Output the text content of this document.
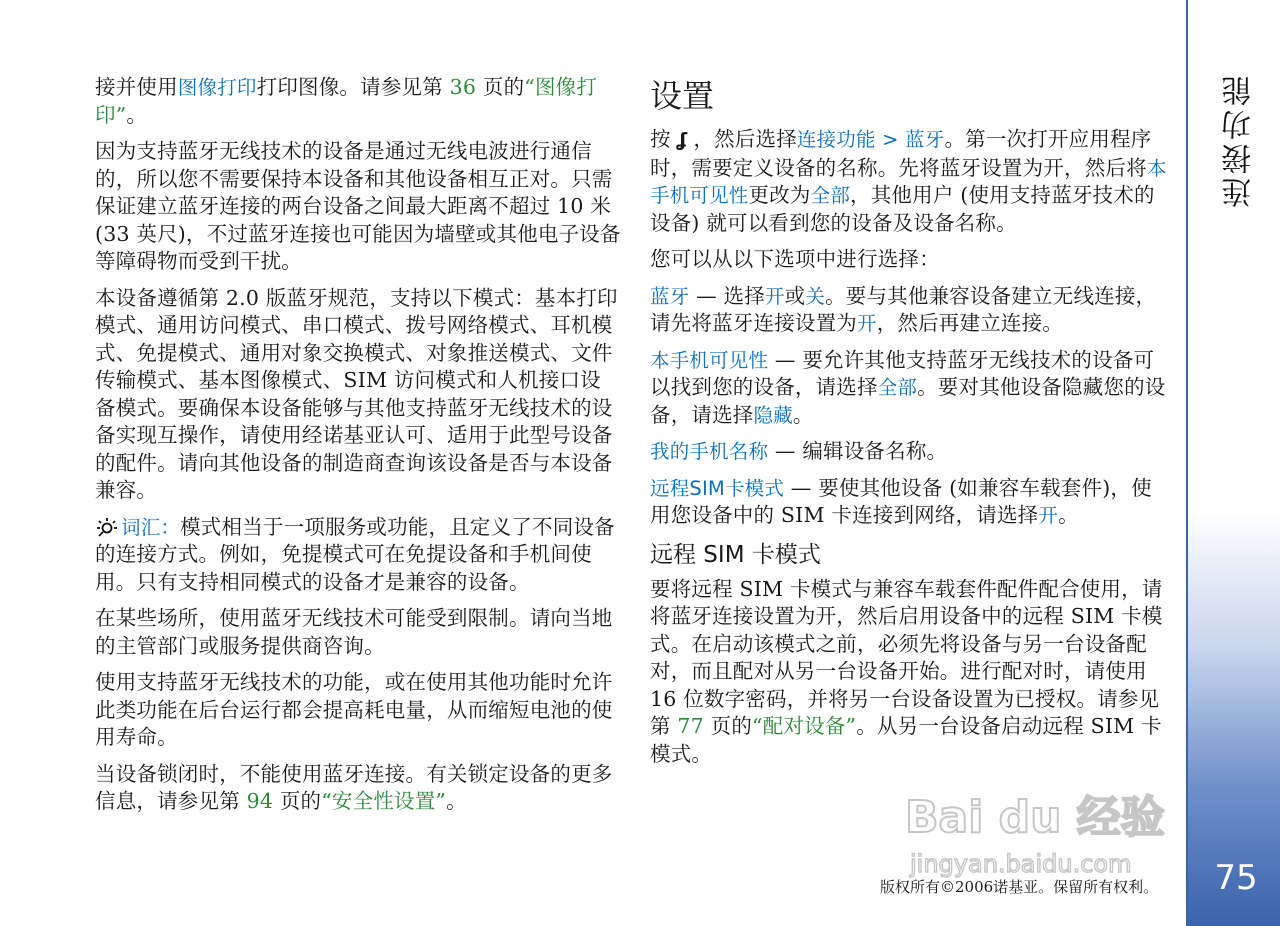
连接功能
75

接并使用图像打印打印图像。请参见第 36 页的“图像打印”。

因为支持蓝牙无线技术的设备是通过无线电波进行通信的，所以您不需要保持本设备和其他设备相互正对。只需保证建立蓝牙连接的两台设备之间最大距离不超过 10 米 (33 英尺)，不过蓝牙连接也可能因为墙壁或其他电子设备等障碍物而受到干扰。

本设备遵循第 2.0 版蓝牙规范，支持以下模式：基本打印模式、通用访问模式、串口模式、拨号网络模式、耳机模式、免提模式、通用对象交换模式、对象推送模式、文件传输模式、基本图像模式、SIM 访问模式和人机接口设备模式。要确保本设备能够与其他支持蓝牙无线技术的设备实现互操作，请使用经诺基亚认可、适用于此型号设备的配件。请向其他设备的制造商查询该设备是否与本设备兼容。

词汇：模式相当于一项服务或功能，且定义了不同设备的连接方式。例如，免提模式可在免提设备和手机间使用。只有支持相同模式的设备才是兼容的设备。

在某些场所，使用蓝牙无线技术可能受到限制。请向当地的主管部门或服务提供商咨询。

使用支持蓝牙无线技术的功能，或在使用其他功能时允许此类功能在后台运行都会提高耗电量，从而缩短电池的使用寿命。

当设备锁闭时，不能使用蓝牙连接。有关锁定设备的更多信息，请参见第 94 页的“安全性设置”。

设置

按 ʆ ，然后选择连接功能 > 蓝牙。第一次打开应用程序时，需要定义设备的名称。先将蓝牙设置为开，然后将本手机可见性更改为全部，其他用户 (使用支持蓝牙技术的设备) 就可以看到您的设备及设备名称。

您可以从以下选项中进行选择：

蓝牙 — 选择开或关。要与其他兼容设备建立无线连接，请先将蓝牙连接设置为开，然后再建立连接。

本手机可见性 — 要允许其他支持蓝牙无线技术的设备可以找到您的设备，请选择全部。要对其他设备隐藏您的设备，请选择隐藏。

我的手机名称 — 编辑设备名称。

远程SIM卡模式 — 要使其他设备 (如兼容车载套件)，使用您设备中的 SIM 卡连接到网络，请选择开。

远程 SIM 卡模式

要将远程 SIM 卡模式与兼容车载套件配件配合使用，请将蓝牙连接设置为开，然后启用设备中的远程 SIM 卡模式。在启动该模式之前，必须先将设备与另一台设备配对，而且配对从另一台设备开始。进行配对时，请使用 16 位数字密码，并将另一台设备设置为已授权。请参见第 77 页的“配对设备”。从另一台设备启动远程 SIM 卡模式。

版权所有©2006诺基亚。保留所有权利。
Bai du 经验
jingyan.baidu.com
